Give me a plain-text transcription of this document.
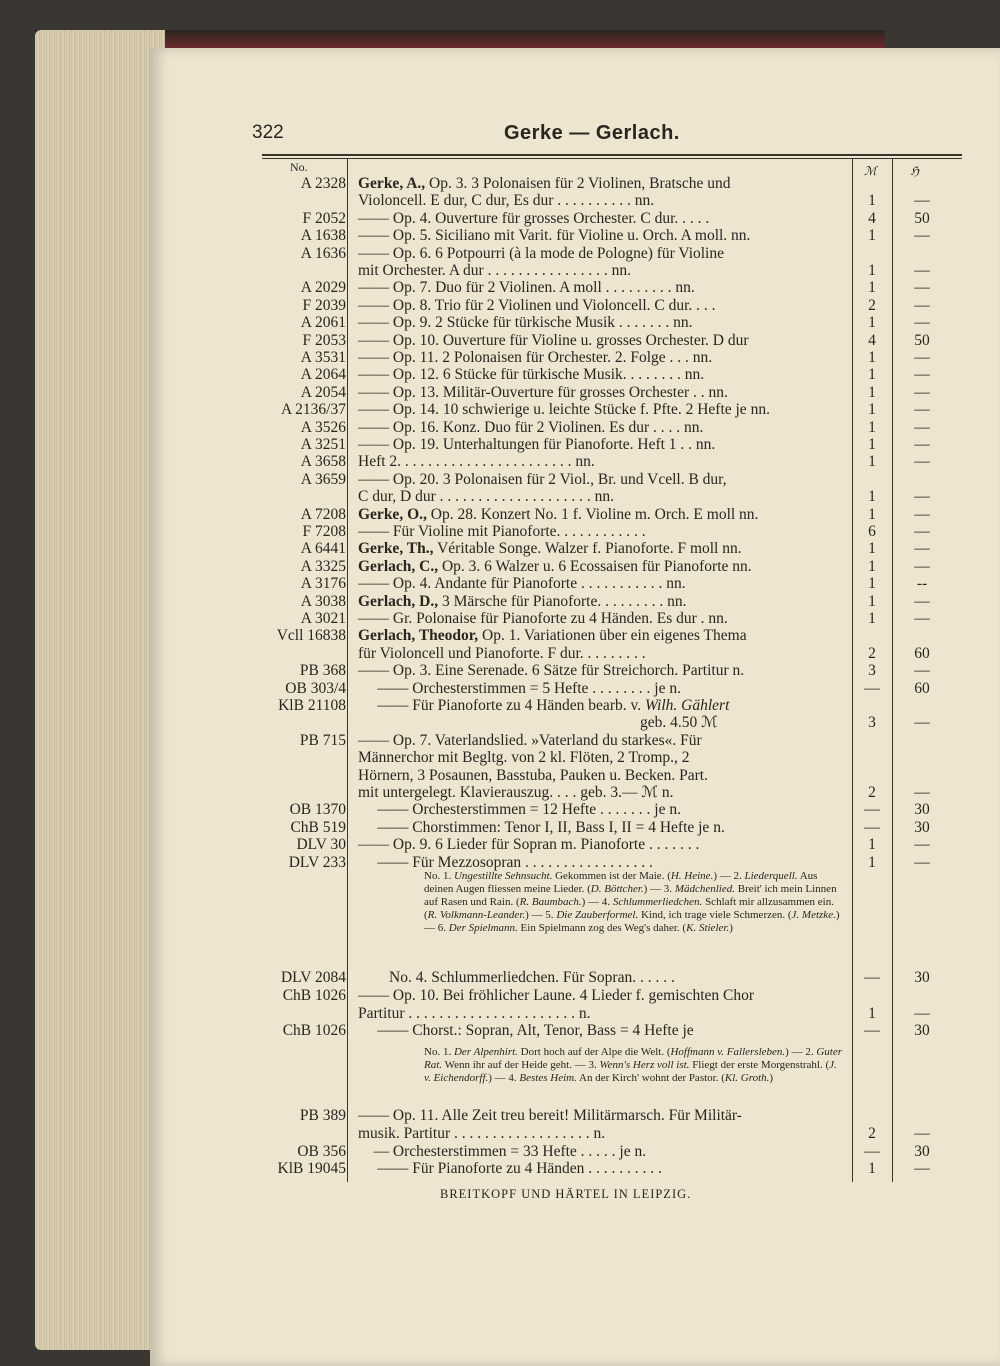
322	Gerke — Gerlach.
No.	ℳ	ℌ
A 2328 Gerke, A., Op. 3. 3 Polonaisen für 2 Violinen, Bratsche und
Violoncell. E dur, C dur, Es dur . . . . . . . . . . nn.	1	—
F 2052 —— Op. 4. Ouverture für grosses Orchester. C dur. . . . .	4	50
A 1638 —— Op. 5. Siciliano mit Varit. für Violine u. Orch. A moll. nn.	1	—
A 1636 —— Op. 6. 6 Potpourri (à la mode de Pologne) für Violine
mit Orchester. A dur . . . . . . . . . . . . . . . . nn.	1	—
A 2029 —— Op. 7. Duo für 2 Violinen. A moll . . . . . . . . . nn.	1	—
F 2039 —— Op. 8. Trio für 2 Violinen und Violoncell. C dur. . . .	2	—
A 2061 —— Op. 9. 2 Stücke für türkische Musik . . . . . . . nn.	1	—
F 2053 —— Op. 10. Ouverture für Violine u. grosses Orchester. D dur	4	50
A 3531 —— Op. 11. 2 Polonaisen für Orchester. 2. Folge . . . nn.	1	—
A 2064 —— Op. 12. 6 Stücke für türkische Musik. . . . . . . . nn.	1	—
A 2054 —— Op. 13. Militär-Ouverture für grosses Orchester . . nn.	1	—
A 2136/37 —— Op. 14. 10 schwierige u. leichte Stücke f. Pfte. 2 Hefte je nn.	1	—
A 3526 —— Op. 16. Konz. Duo für 2 Violinen. Es dur . . . . nn.	1	—
A 3251 —— Op. 19. Unterhaltungen für Pianoforte. Heft 1 . . nn.	1	—
A 3658 Heft 2. . . . . . . . . . . . . . . . . . . . . . . nn.	1	—
A 3659 —— Op. 20. 3 Polonaisen für 2 Viol., Br. und Vcell. B dur,
C dur, D dur . . . . . . . . . . . . . . . . . . . . nn.	1	—
A 7208 Gerke, O., Op. 28. Konzert No. 1 f. Violine m. Orch. E moll nn.	1	—
F 7208 —— Für Violine mit Pianoforte. . . . . . . . . . . .	6	—
A 6441 Gerke, Th., Véritable Songe. Walzer f. Pianoforte. F moll nn.	1	—
A 3325 Gerlach, C., Op. 3. 6 Walzer u. 6 Ecossaisen für Pianoforte nn.	1	—
A 3176 —— Op. 4. Andante für Pianoforte . . . . . . . . . . . nn.	1	--
A 3038 Gerlach, D., 3 Märsche für Pianoforte. . . . . . . . . nn.	1	—
A 3021 —— Gr. Polonaise für Pianoforte zu 4 Händen. Es dur . nn.	1	—
Vcll 16838 Gerlach, Theodor, Op. 1. Variationen über ein eigenes Thema
für Violoncell und Pianoforte. F dur. . . . . . . . .	2	60
PB 368 —— Op. 3. Eine Serenade. 6 Sätze für Streichorch. Partitur n.	3	—
OB 303/4 —— Orchesterstimmen = 5 Hefte . . . . . . . . je n.	—	60
KlB 21108 —— Für Pianoforte zu 4 Händen bearb. v. Wilh. Gählert
geb. 4.50 ℳ	3	—
PB 715 —— Op. 7. Vaterlandslied. »Vaterland du starkes«. Für
Männerchor mit Begltg. von 2 kl. Flöten, 2 Tromp., 2
Hörnern, 3 Posaunen, Basstuba, Pauken u. Becken. Part.
mit untergelegt. Klavierauszug. . . . geb. 3.— ℳ n.	2	—
OB 1370 —— Orchesterstimmen = 12 Hefte . . . . . . . je n.	—	30
ChB 519 —— Chorstimmen: Tenor I, II, Bass I, II = 4 Hefte je n.	—	30
DLV 30 —— Op. 9. 6 Lieder für Sopran m. Pianoforte . . . . . . .	1	—
DLV 233 —— Für Mezzosopran . . . . . . . . . . . . . . . . .	1	—
DLV 2084 No. 4. Schlummerliedchen. Für Sopran. . . . . .	—	30
ChB 1026 —— Op. 10. Bei fröhlicher Laune. 4 Lieder f. gemischten Chor
Partitur . . . . . . . . . . . . . . . . . . . . . . n.	1	—
ChB 1026 —— Chorst.: Sopran, Alt, Tenor, Bass = 4 Hefte je	—	30
PB 389 —— Op. 11. Alle Zeit treu bereit! Militärmarsch. Für Militär-
musik. Partitur . . . . . . . . . . . . . . . . . . n.	2	—
OB 356 — Orchesterstimmen = 33 Hefte . . . . . je n.	—	30
KlB 19045 —— Für Pianoforte zu 4 Händen . . . . . . . . . .	1	—
No. 1. Ungestillte Sehnsucht. Gekommen ist der Maie. (H. Heine.) — 2. Liederquell. Aus deinen Augen fliessen meine Lieder. (D. Böttcher.) — 3. Mädchenlied. Breit' ich mein Linnen auf Rasen und Rain. (R. Baumbach.) — 4. Schlummerliedchen. Schlaft mir allzusammen ein. (R. Volkmann-Leander.) — 5. Die Zauberformel. Kind, ich trage viele Schmerzen. (J. Metzke.) — 6. Der Spielmann. Ein Spielmann zog des Weg's daher. (K. Stieler.)
No. 1. Der Alpenhirt. Dort hoch auf der Alpe die Welt. (Hoffmann v. Fallersleben.) — 2. Guter Rat. Wenn ihr auf der Heide geht. — 3. Wenn's Herz voll ist. Fliegt der erste Morgenstrahl. (J. v. Eichendorff.) — 4. Bestes Heim. An der Kirch' wohnt der Pastor. (Kl. Groth.)
BREITKOPF UND HÄRTEL IN LEIPZIG.
